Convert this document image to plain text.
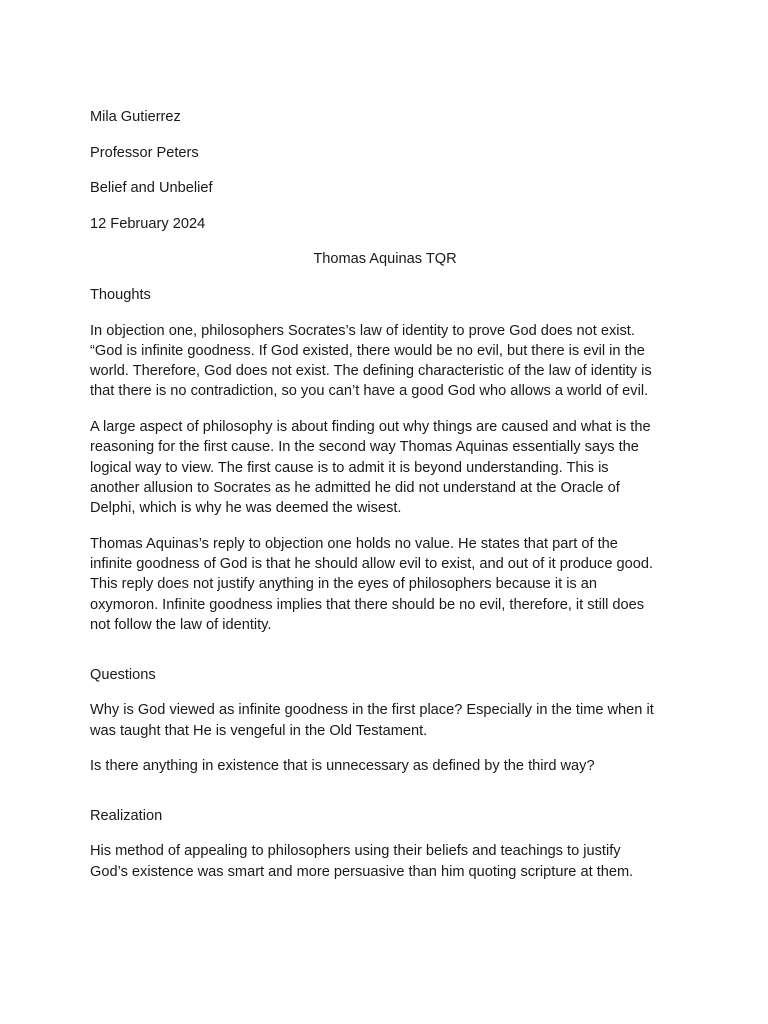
Mila Gutierrez

Professor Peters

Belief and Unbelief

12 February 2024

Thomas Aquinas TQR

Thoughts

In objection one, philosophers Socrates’s law of identity to prove God does not exist.

“God is infinite goodness. If God existed, there would be no evil, but there is evil in the

world. Therefore, God does not exist. The defining characteristic of the law of identity is

that there is no contradiction, so you can’t have a good God who allows a world of evil.

A large aspect of philosophy is about finding out why things are caused and what is the

reasoning for the first cause. In the second way Thomas Aquinas essentially says the

logical way to view. The first cause is to admit it is beyond understanding. This is

another allusion to Socrates as he admitted he did not understand at the Oracle of

Delphi, which is why he was deemed the wisest.

Thomas Aquinas’s reply to objection one holds no value. He states that part of the

infinite goodness of God is that he should allow evil to exist, and out of it produce good.

This reply does not justify anything in the eyes of philosophers because it is an

oxymoron. Infinite goodness implies that there should be no evil, therefore, it still does

not follow the law of identity.

Questions

Why is God viewed as infinite goodness in the first place? Especially in the time when it

was taught that He is vengeful in the Old Testament.

Is there anything in existence that is unnecessary as defined by the third way?

Realization

His method of appealing to philosophers using their beliefs and teachings to justify

God’s existence was smart and more persuasive than him quoting scripture at them.
